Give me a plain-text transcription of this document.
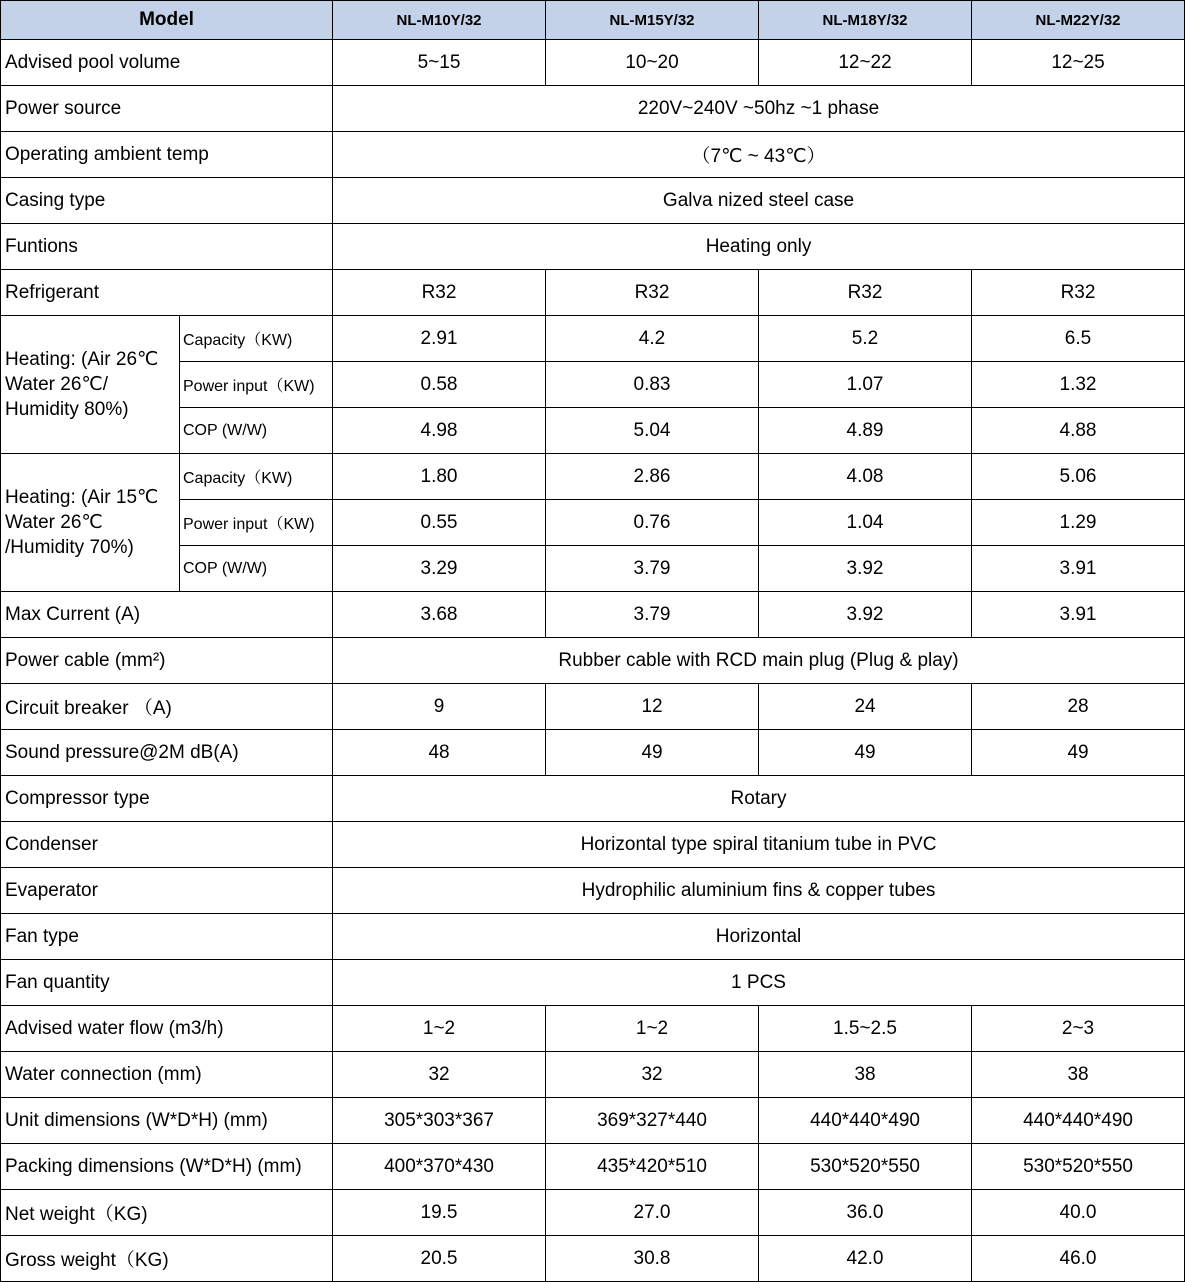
Model		NL-M10Y/32	NL-M15Y/32	NL-M18Y/32	NL-M22Y/32
Advised pool volume		5~15	10~20	12~22	12~25
Power source		220V~240V ~50hz ~1 phase			
Operating ambient temp		（7℃ ~ 43℃）			
Casing type		Galva nized steel case			
Funtions		Heating only			
Refrigerant		R32	R32	R32	R32

Heating: (Air 26℃
Water 26℃/
Humidity 80%)	Capacity（KW)	2.91	4.2	5.2	6.5
	Power input（KW)	0.58	0.83	1.07	1.32
	COP (W/W)	4.98	5.04	4.89	4.88

Heating: (Air 15℃
Water 26℃
/Humidity 70%)	Capacity（KW)	1.80	2.86	4.08	5.06
	Power input（KW)	0.55	0.76	1.04	1.29
	COP (W/W)	3.29	3.79	3.92	3.91
Max Current (A)		3.68	3.79	3.92	3.91
Power cable (mm²)		Rubber cable with RCD main plug (Plug & play)			
Circuit breaker （A)		9	12	24	28
Sound pressure@2M dB(A)		48	49	49	49
Compressor type		Rotary			
Condenser		Horizontal type spiral titanium tube in PVC			
Evaperator		Hydrophilic aluminium fins & copper tubes			
Fan type		Horizontal			
Fan quantity		1 PCS			
Advised water flow (m3/h)		1~2	1~2	1.5~2.5	2~3
Water connection (mm)		32	32	38	38
Unit dimensions (W*D*H) (mm)		305*303*367	369*327*440	440*440*490	440*440*490
Packing dimensions (W*D*H) (mm)		400*370*430	435*420*510	530*520*550	530*520*550
Net weight（KG)		19.5	27.0	36.0	40.0
Gross weight（KG)		20.5	30.8	42.0	46.0
